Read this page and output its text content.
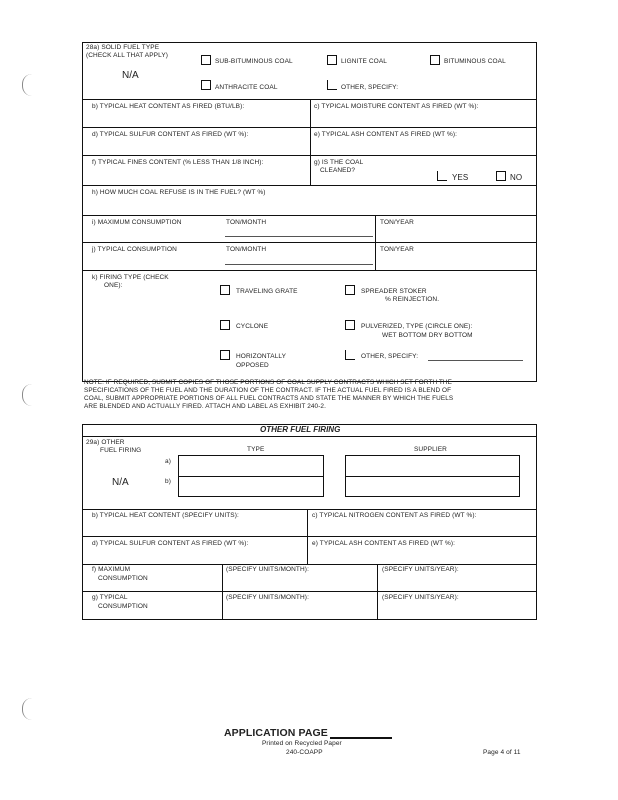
28a) SOLID FUEL TYPE
(CHECK ALL THAT APPLY)
N/A
SUB-BITUMINOUS COAL	LIGNITE COAL	BITUMINOUS COAL
ANTHRACITE COAL	OTHER, SPECIFY:
b) TYPICAL HEAT CONTENT AS FIRED (BTU/LB):	c) TYPICAL MOISTURE CONTENT AS FIRED (WT %):
d) TYPICAL SULFUR CONTENT AS FIRED (WT %):	e) TYPICAL ASH CONTENT AS FIRED (WT %):
f) TYPICAL FINES CONTENT (% LESS THAN 1/8 INCH):	g) IS THE COAL
CLEANED?
YES	NO
h) HOW MUCH COAL REFUSE IS IN THE FUEL? (WT %)
i) MAXIMUM CONSUMPTION	TON/MONTH	TON/YEAR
j) TYPICAL CONSUMPTION	TON/MONTH	TON/YEAR
k) FIRING TYPE (CHECK
ONE):
TRAVELING GRATE	SPREADER STOKER
% REINJECTION.
CYCLONE	PULVERIZED, TYPE (CIRCLE ONE):
WET BOTTOM DRY BOTTOM
HORIZONTALLY
OPPOSED
OTHER, SPECIFY:
NOTE: IF REQUIRED, SUBMIT COPIES OF THOSE PORTIONS OF COAL SUPPLY CONTRACTS WHICH SET FORTH THE
SPECIFICATIONS OF THE FUEL AND THE DURATION OF THE CONTRACT. IF THE ACTUAL FUEL FIRED IS A BLEND OF
COAL, SUBMIT APPROPRIATE PORTIONS OF ALL FUEL CONTRACTS AND STATE THE MANNER BY WHICH THE FUELS
ARE BLENDED AND ACTUALLY FIRED. ATTACH AND LABEL AS EXHIBIT 240-2.
OTHER FUEL FIRING
29a) OTHER
FUEL FIRING
N/A
TYPE	SUPPLIER
a)
b)
b) TYPICAL HEAT CONTENT (SPECIFY UNITS):	c) TYPICAL NITROGEN CONTENT AS FIRED (WT %):
d) TYPICAL SULFUR CONTENT AS FIRED (WT %):	e) TYPICAL ASH CONTENT AS FIRED (WT %):
f) MAXIMUM
CONSUMPTION
(SPECIFY UNITS/MONTH):	(SPECIFY UNITS/YEAR):
g) TYPICAL
CONSUMPTION
(SPECIFY UNITS/MONTH):	(SPECIFY UNITS/YEAR):
APPLICATION PAGE
Printed on Recycled Paper
240-COAPP	Page 4 of 11
